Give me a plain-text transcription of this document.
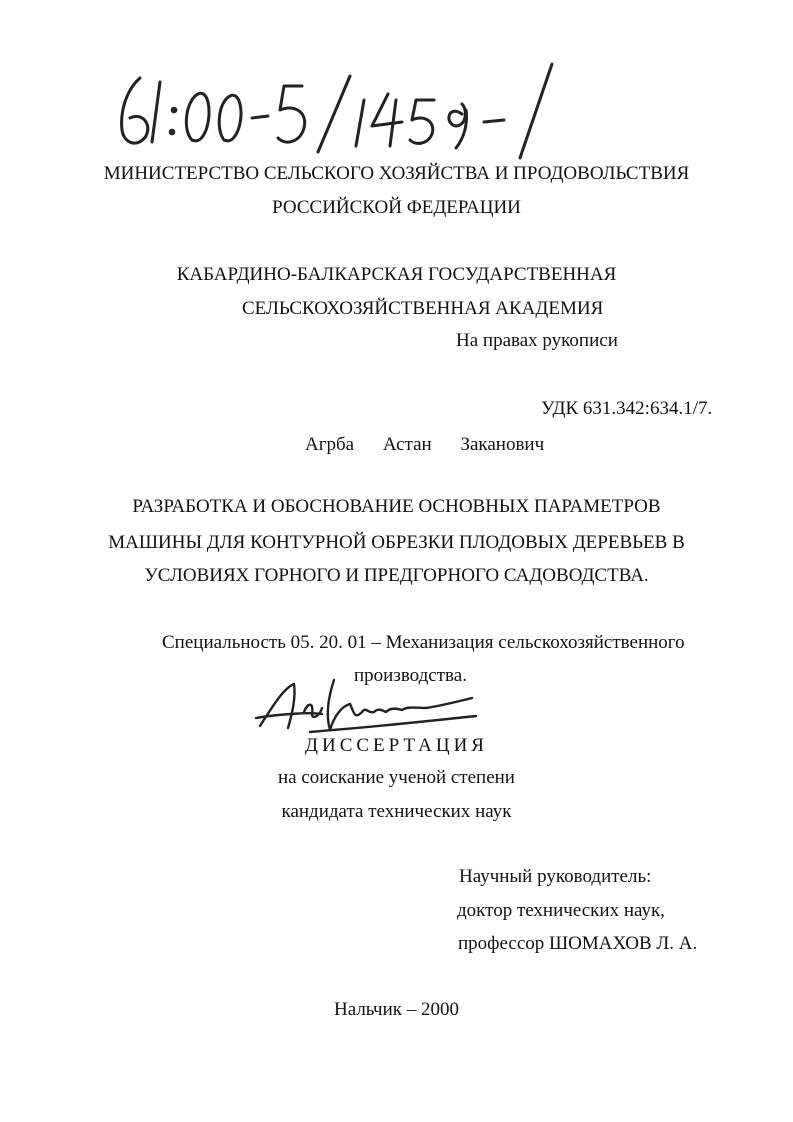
МИНИСТЕРСТВО СЕЛЬСКОГО ХОЗЯЙСТВА И ПРОДОВОЛЬСТВИЯ
РОССИЙСКОЙ ФЕДЕРАЦИИ
КАБАРДИНО-БАЛКАРСКАЯ ГОСУДАРСТВЕННАЯ
СЕЛЬСКОХОЗЯЙСТВЕННАЯ АКАДЕМИЯ
На правах рукописи
УДК 631.342:634.1/7.
Агрба Астан Заканович
РАЗРАБОТКА И ОБОСНОВАНИЕ ОСНОВНЫХ ПАРАМЕТРОВ
МАШИНЫ ДЛЯ КОНТУРНОЙ ОБРЕЗКИ ПЛОДОВЫХ ДЕРЕВЬЕВ В
УСЛОВИЯХ ГОРНОГО И ПРЕДГОРНОГО САДОВОДСТВА.
Специальность 05. 20. 01 – Механизация сельскохозяйственного
производства.
ДИССЕРТАЦИЯ
на соискание ученой степени
кандидата технических наук
Научный руководитель:
доктор технических наук,
профессор ШОМАХОВ Л. А.
Нальчик – 2000
